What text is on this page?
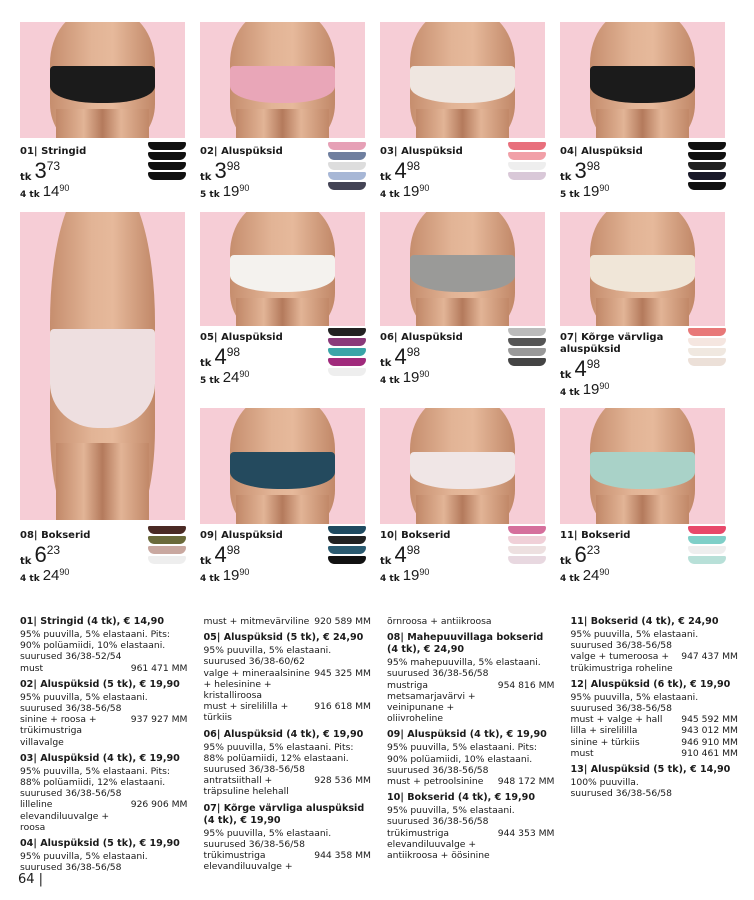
01| Stringid
tk 3 73
4 tk 14 90
02| Aluspüksid
tk 3 98
5 tk 19 90
03| Aluspüksid
tk 4 98
4 tk 19 90
04| Aluspüksid
tk 3 98
5 tk 19 90
05| Aluspüksid
tk 4 98
5 tk 24 90
06| Aluspüksid
tk 4 98
4 tk 19 90
07| Kõrge värvliga aluspüksid
tk 4 98
4 tk 19 90
08| Bokserid
tk 6 23
4 tk 24 90
09| Aluspüksid
tk 4 98
4 tk 19 90
10| Bokserid
tk 4 98
4 tk 19 90
11| Bokserid
tk 6 23
4 tk 24 90
01| Stringid (4 tk), € 14,90
95% puuvilla, 5% elastaani. Pits: 90% polüamiidi, 10% elastaani.
suurused 36/38-52/54
must	961 471 MM
02| Aluspüksid (5 tk), € 19,90
95% puuvilla, 5% elastaani.
suurused 36/38-56/58
sinine + roosa + trükimustriga villavalge
937 927 MM
03| Aluspüksid (4 tk), € 19,90
95% puuvilla, 5% elastaani. Pits: 88% polüamiidi, 12% elastaani.
suurused 36/38-56/58
lilleline elevandiluuvalge + roosa
926 906 MM
04| Aluspüksid (5 tk), € 19,90
95% puuvilla, 5% elastaani.
suurused 36/38-56/58
must + mitmevärviline 920 589 MM
05| Aluspüksid (5 tk), € 24,90
95% puuvilla, 5% elastaani.
suurused 36/38-60/62
valge + mineraalsinine + helesinine + kristalliroosa
945 325 MM
must + sirelililla + türkiis
916 618 MM
06| Aluspüksid (4 tk), € 19,90
95% puuvilla, 5% elastaani. Pits: 88% polüamiidi, 12% elastaani.
suurused 36/38-56/58
antratsiithall + träpsuline helehall
928 536 MM
07| Kõrge värvliga aluspüksid (4 tk), € 19,90
95% puuvilla, 5% elastaani.
suurused 36/38-56/58
trükimustriga elevandiluuvalge + õrnroosa + antiikroosa
944 358 MM
08| Mahepuuvillaga bokserid (4 tk), € 24,90
95% mahepuuvilla, 5% elastaani.
suurused 36/38-56/58
mustriga metsamarjavärvi + veinipunane + oliivroheline
954 816 MM
09| Aluspüksid (4 tk), € 19,90
95% puuvilla, 5% elastaani. Pits: 90% polüamiidi, 10% elastaani.
suurused 36/38-56/58
must + petroolsinine 948 172 MM
10| Bokserid (4 tk), € 19,90
95% puuvilla, 5% elastaani.
suurused 36/38-56/58
trükimustriga elevandiluuvalge + antiikroosa + öösinine
944 353 MM
11| Bokserid (4 tk), € 24,90
95% puuvilla, 5% elastaani.
suurused 36/38-56/58
valge + tumeroosa + trükimustriga roheline
947 437 MM
12| Aluspüksid (6 tk), € 19,90
95% puuvilla, 5% elastaani.
suurused 36/38-56/58
must + valge + hall 945 592 MM
lilla + sirelililla	943 012 MM
sinine + türkiis	946 910 MM
must	910 461 MM
13| Aluspüksid (5 tk), € 14,90
100% puuvilla.
suurused 36/38-56/58
64 |
